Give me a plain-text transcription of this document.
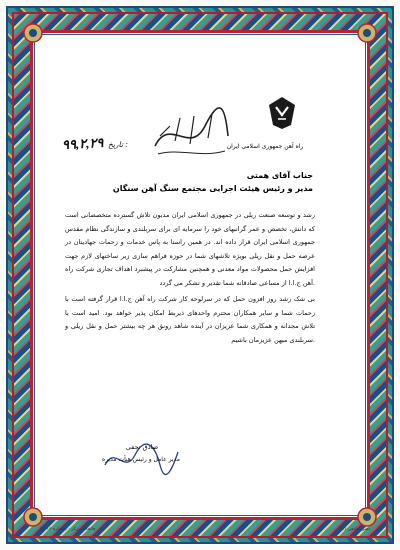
راه آهن جمهوری اسلامی ایران
۹۹,۲,۲۹ تاریخ :
جناب آقای همتی
مدیر و رئیس هیئت اجرایی مجتمع سنگ آهن سنگان
رشد و توسعه صنعت ریلی در جمهوری اسلامی ایران مدیون تلاش گسترده متخصصانی است که دانش، تخصص و عمر گرانبهای خود را سرمایه ای برای سربلندی و سازندگی نظام مقدس جمهوری اسلامی ایران قرار داده اند. در همین راستا به پاس خدمات و زحمات جهادیتان در عرصه حمل و نقل ریلی بویژه تلاشهای شما در حوزه فراهم سازی زیر ساختهای لازم جهت افزایش حمل محصولات مواد معدنی و همچنین مشارکت در پیشبرد اهداف تجاری شرکت راه آهن ج.ا.ا از مساعی صادقانه شما تقدیر و تشکر می گردد.
بی شک رشد روز افزون حمل که در سرلوحه کار شرکت راه آهن ج.ا.ا قرار گرفته است با زحمات شما و سایر همکاران محترم واحدهای ذیربط امکان پذیر خواهد بود. امید است با تلاش مجدانه و همکاری شما عزیزان در آینده شاهد رونق هر چه بیشتر حمل و نقل ریلی و سربلندی میهن عزیزمان باشیم.
صادق نجفی
مدیر عامل و رئیس هیأت مدیره
چاپخانه مرکز - (شماره ۲۰۱۶)	دفتر صادقی (۱)
